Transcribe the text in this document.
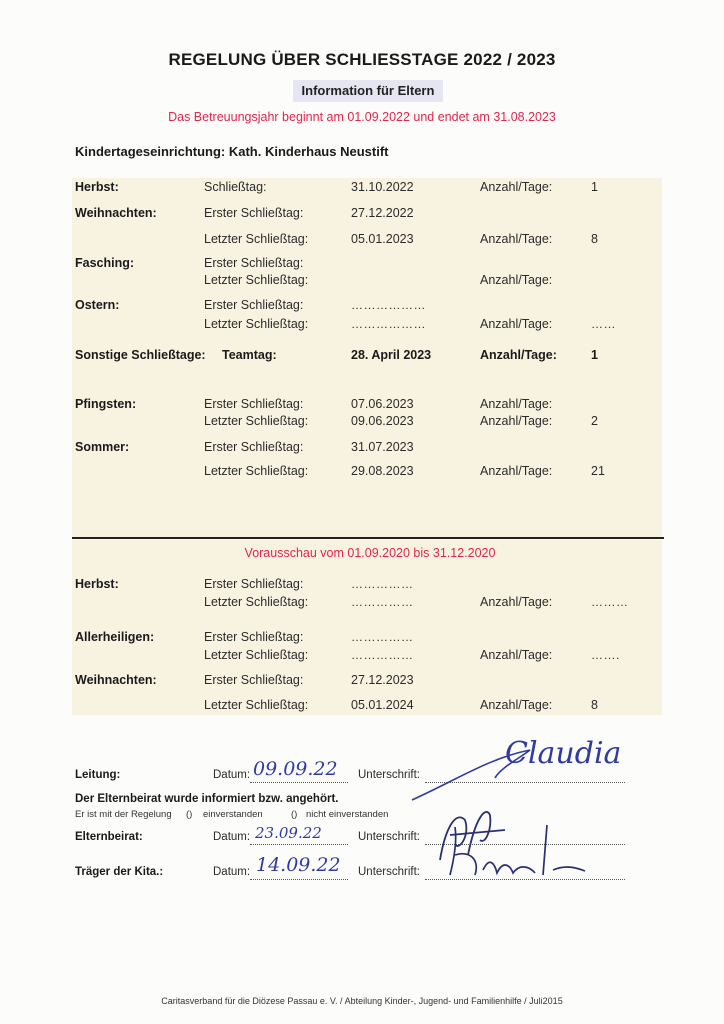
REGELUNG ÜBER SCHLIESSTAGE 2022 / 2023
Information für Eltern
Das Betreuungsjahr beginnt am 01.09.2022 und endet am 31.08.2023
Kindertageseinrichtung: Kath. Kinderhaus Neustift
Herbst:	Schließtag:	31.10.2022	Anzahl/Tage:	1
Weihnachten:	Erster Schließtag:	27.12.2022
Letzter Schließtag:	05.01.2023	Anzahl/Tage:	8
Fasching:	Erster Schließtag:
Letzter Schließtag:	Anzahl/Tage:
Ostern:	Erster Schließtag:	………………
Letzter Schließtag:	………………	Anzahl/Tage:	……
Sonstige Schließtage: Teamtag:	28. April 2023	Anzahl/Tage:	1
Pfingsten:	Erster Schließtag:	07.06.2023	Anzahl/Tage:
Letzter Schließtag:	09.06.2023	Anzahl/Tage:	2
Sommer:	Erster Schließtag:	31.07.2023
Letzter Schließtag:	29.08.2023	Anzahl/Tage:	21
Vorausschau vom 01.09.2020 bis 31.12.2020
Herbst:	Erster Schließtag:	……………
Letzter Schließtag:	……………	Anzahl/Tage:	………
Allerheiligen:	Erster Schließtag:	……………
Letzter Schließtag:	……………	Anzahl/Tage:	…….
Weihnachten:	Erster Schließtag:	27.12.2023
Letzter Schließtag:	05.01.2024	Anzahl/Tage:	8
Leitung:	Datum: 09.09.22 Unterschrift:
Claudia
Der Elternbeirat wurde informiert bzw. angehört.
Er ist mit der Regelung () einverstanden	() nicht einverstanden
Elternbeirat:	Datum: 23.09.22	Unterschrift:
Träger der Kita.:	Datum: 14.09.22 Unterschrift:
Caritasverband für die Diözese Passau e. V. / Abteilung Kinder-, Jugend- und Familienhilfe / Juli2015
